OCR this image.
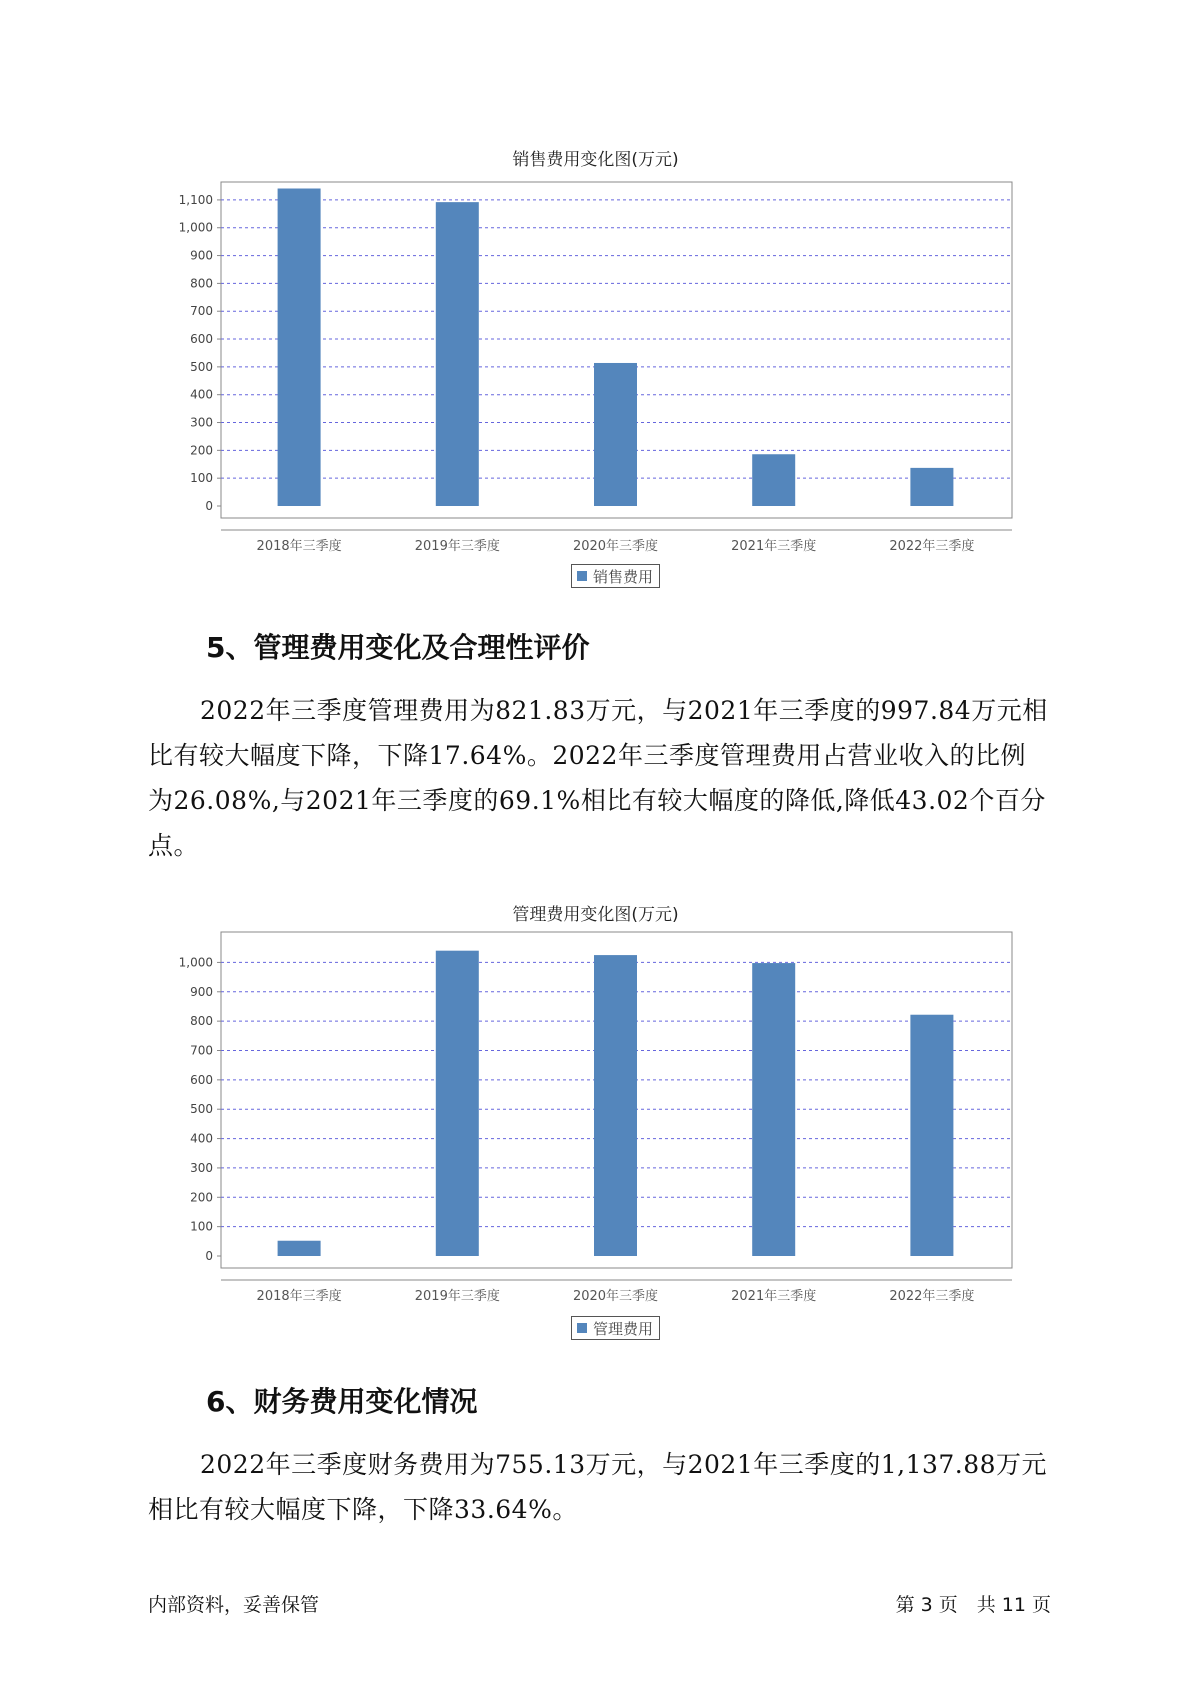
销售费用变化图(万元)
0
100
200
300
400
500
600
700
800
900
1,000
1,100
2018年三季度	2019年三季度	2020年三季度	2021年三季度	2022年三季度
销售费用
5、管理费用变化及合理性评价
2022年三季度管理费用为821.83万元，与2021年三季度的997.84万元相比有较大幅度下降，下降17.64%。2022年三季度管理费用占营业收入的比例为26.08%,与2021年三季度的69.1%相比有较大幅度的降低,降低43.02个百分点。
管理费用变化图(万元)
0
100
200
300
400
500
600
700
800
900
1,000
2018年三季度	2019年三季度	2020年三季度	2021年三季度	2022年三季度
管理费用
6、财务费用变化情况
2022年三季度财务费用为755.13万元，与2021年三季度的1,137.88万元相比有较大幅度下降，下降33.64%。
内部资料，妥善保管	第 3 页　共 11 页
